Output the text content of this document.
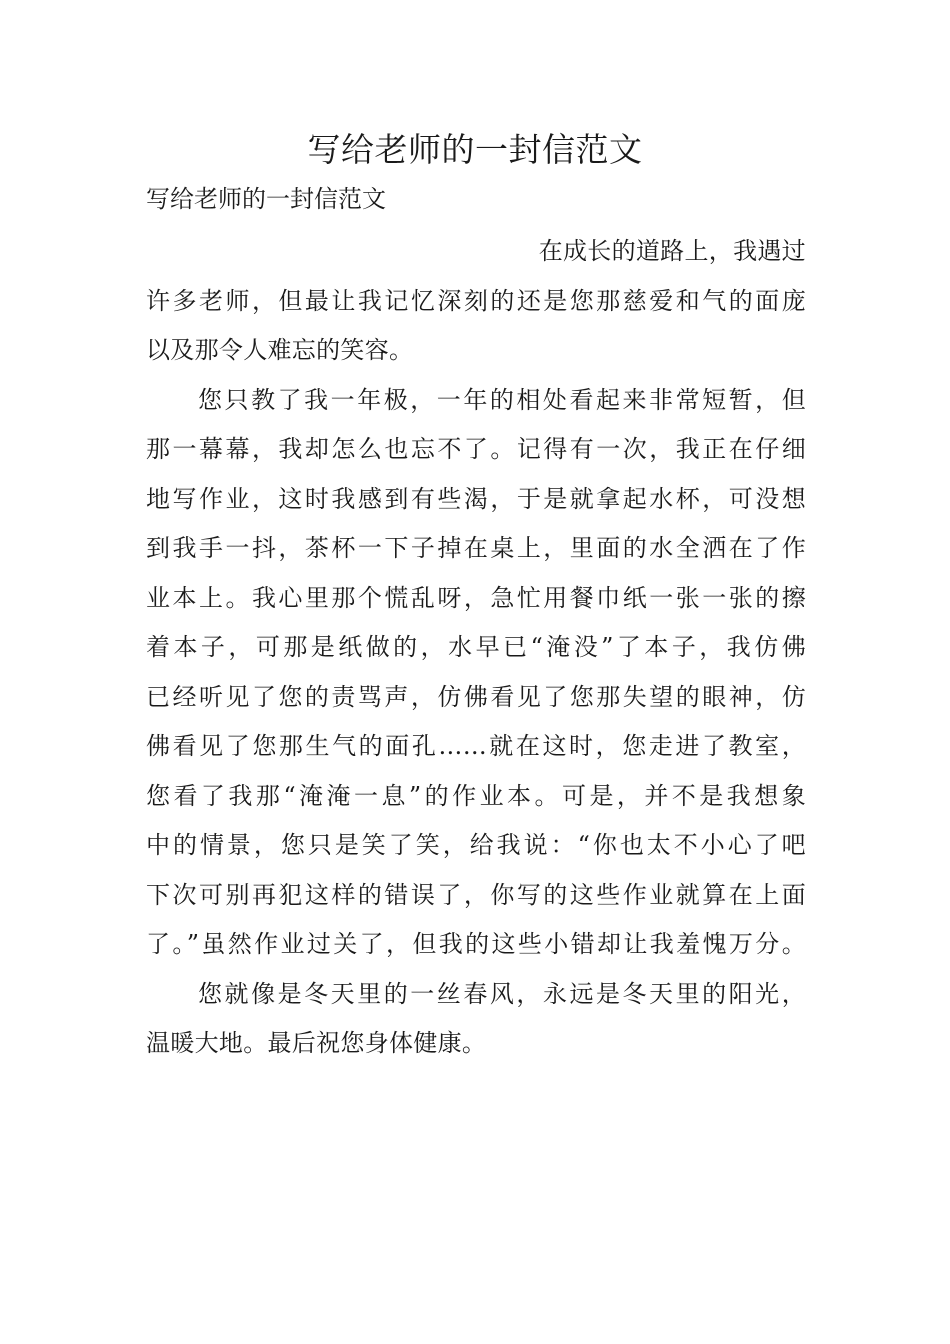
写给老师的一封信范文

写给老师的一封信范文

在成长的道路上，我遇过
许多老师，但最让我记忆深刻的还是您那慈爱和气的面庞
以及那令人难忘的笑容。
您只教了我一年极，一年的相处看起来非常短暂，但
那一幕幕，我却怎么也忘不了。记得有一次，我正在仔细
地写作业，这时我感到有些渴，于是就拿起水杯，可没想
到我手一抖，茶杯一下子掉在桌上，里面的水全洒在了作
业本上。我心里那个慌乱呀，急忙用餐巾纸一张一张的擦
着本子，可那是纸做的，水早已“淹没”了本子，我仿佛
已经听见了您的责骂声，仿佛看见了您那失望的眼神，仿
佛看见了您那生气的面孔……就在这时，您走进了教室，
您看了我那“淹淹一息”的作业本。可是，并不是我想象
中的情景，您只是笑了笑，给我说：“你也太不小心了吧
下次可别再犯这样的错误了，你写的这些作业就算在上面
了。”虽然作业过关了，但我的这些小错却让我羞愧万分。
您就像是冬天里的一丝春风，永远是冬天里的阳光，
温暖大地。最后祝您身体健康。
